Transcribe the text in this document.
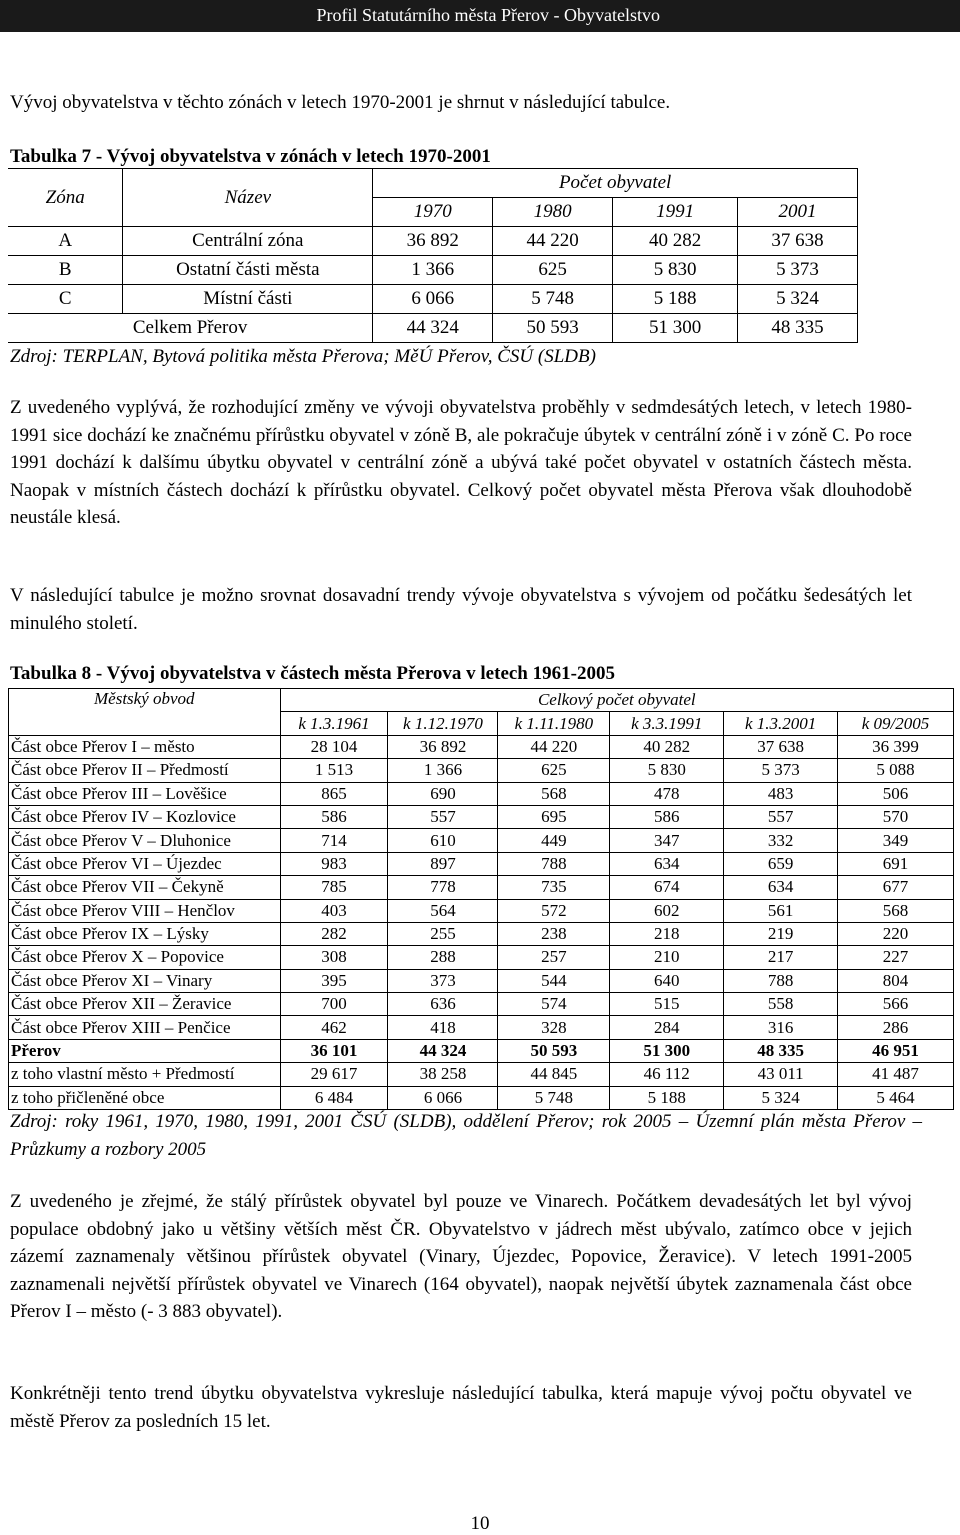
Profil Statutárního města Přerov - Obyvatelstvo
Vývoj obyvatelstva v těchto zónách v letech 1970-2001 je shrnut v následující tabulce.
Tabulka 7 - Vývoj obyvatelstva v zónách v letech 1970-2001
Zóna	Název	Počet obyvatel			
		1970	1980	1991	2001
A	Centrální zóna	36 892	44 220	40 282	37 638
B	Ostatní části města	1 366	625	5 830	5 373
C	Místní části	6 066	5 748	5 188	5 324
Celkem Přerov		44 324	50 593	51 300	48 335
Zdroj: TERPLAN, Bytová politika města Přerova; MěÚ Přerov, ČSÚ (SLDB)
Z uvedeného vyplývá, že rozhodující změny ve vývoji obyvatelstva proběhly v sedmdesátých letech, v letech 1980-1991 sice dochází ke značnému přírůstku obyvatel v zóně B, ale pokračuje úbytek v centrální zóně i v zóně C. Po roce 1991 dochází k dalšímu úbytku obyvatel v centrální zóně a ubývá také počet obyvatel v ostatních částech města. Naopak v místních částech dochází k přírůstku obyvatel. Celkový počet obyvatel města Přerova však dlouhodobě neustále klesá.
V následující tabulce je možno srovnat dosavadní trendy vývoje obyvatelstva s vývojem od počátku šedesátých let minulého století.
Tabulka 8 - Vývoj obyvatelstva v částech města Přerova v letech 1961-2005
Městský obvod	Celkový počet obyvatel					
	k 1.3.1961	k 1.12.1970	k 1.11.1980	k 3.3.1991	k 1.3.2001	k 09/2005
Část obce Přerov I – město	28 104	36 892	44 220	40 282	37 638	36 399
Část obce Přerov II – Předmostí	1 513	1 366	625	5 830	5 373	5 088
Část obce Přerov III – Lověšice	865	690	568	478	483	506
Část obce Přerov IV – Kozlovice	586	557	695	586	557	570
Část obce Přerov V – Dluhonice	714	610	449	347	332	349
Část obce Přerov VI – Újezdec	983	897	788	634	659	691
Část obce Přerov VII – Čekyně	785	778	735	674	634	677
Část obce Přerov VIII – Henčlov	403	564	572	602	561	568
Část obce Přerov IX – Lýsky	282	255	238	218	219	220
Část obce Přerov X – Popovice	308	288	257	210	217	227
Část obce Přerov XI – Vinary	395	373	544	640	788	804
Část obce Přerov XII – Žeravice	700	636	574	515	558	566
Část obce Přerov XIII – Penčice	462	418	328	284	316	286
Přerov	36 101	44 324	50 593	51 300	48 335	46 951
z toho vlastní město + Předmostí	29 617	38 258	44 845	46 112	43 011	41 487
z toho přičleněné obce	6 484	6 066	5 748	5 188	5 324	5 464
Zdroj: roky 1961, 1970, 1980, 1991, 2001 ČSÚ (SLDB), oddělení Přerov; rok 2005 – Územní plán města Přerov – Průzkumy a rozbory 2005
Z uvedeného je zřejmé, že stálý přírůstek obyvatel byl pouze ve Vinarech. Počátkem devadesátých let byl vývoj populace obdobný jako u většiny větších měst ČR. Obyvatelstvo v jádrech měst ubývalo, zatímco obce v jejich zázemí zaznamenaly většinou přírůstek obyvatel (Vinary, Újezdec, Popovice, Žeravice). V letech 1991-2005 zaznamenali největší přírůstek obyvatel ve Vinarech (164 obyvatel), naopak největší úbytek zaznamenala část obce Přerov I – město (- 3 883 obyvatel).
Konkrétněji tento trend úbytku obyvatelstva vykresluje následující tabulka, která mapuje vývoj počtu obyvatel ve městě Přerov za posledních 15 let.
10
